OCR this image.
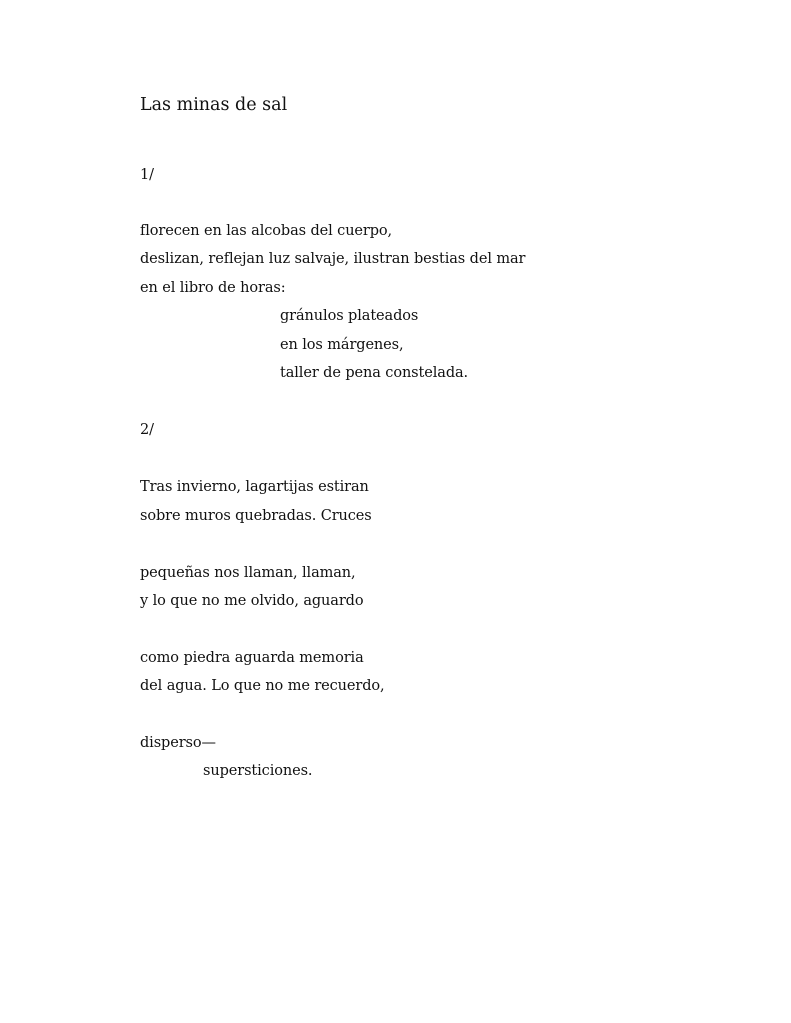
Las minas de sal
1/
florecen en las alcobas del cuerpo,
deslizan, reflejan luz salvaje, ilustran bestias del mar
en el libro de horas:
gránulos plateados
en los márgenes,
taller de pena constelada.
2/
Tras invierno, lagartijas estiran
sobre muros quebradas. Cruces
pequeñas nos llaman, llaman,
y lo que no me olvido, aguardo
como piedra aguarda memoria
del agua. Lo que no me recuerdo,
disperso—
supersticiones.
